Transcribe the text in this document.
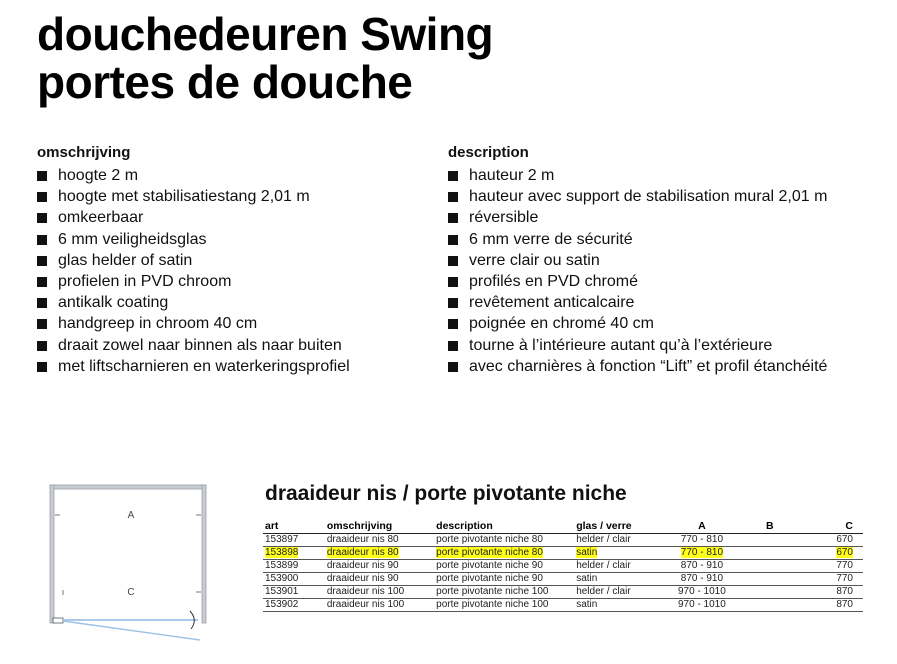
douchedeuren Swing
portes de douche
omschrijving
hoogte 2 m
hoogte met stabilisatiestang 2,01 m
omkeerbaar
6 mm veiligheidsglas
glas helder of satin
profielen in PVD chroom
antikalk coating
handgreep in chroom 40 cm
draait zowel naar binnen als naar buiten
met liftscharnieren en waterkeringsprofiel
description
hauteur 2 m
hauteur avec support de stabilisation mural 2,01 m
réversible
6 mm verre de sécurité
verre clair ou satin
profilés en PVD chromé
revêtement anticalcaire
poignée en chromé 40 cm
tourne à l’intérieure autant qu’à l’extérieure
avec charnières à fonction “Lift” et profil étanchéité
A
C
draaideur nis / porte pivotante niche
art	omschrijving	description	glas / verre	A	B	C
153897	draaideur nis 80	porte pivotante niche 80	helder / clair	770 - 810		670
153898	draaideur nis 80	porte pivotante niche 80	satin	770 - 810		670
153899	draaideur nis 90	porte pivotante niche 90	helder / clair	870 - 910		770
153900	draaideur nis 90	porte pivotante niche 90	satin	870 - 910		770
153901	draaideur nis 100	porte pivotante niche 100	helder / clair	970 - 1010		870
153902	draaideur nis 100	porte pivotante niche 100	satin	970 - 1010		870
